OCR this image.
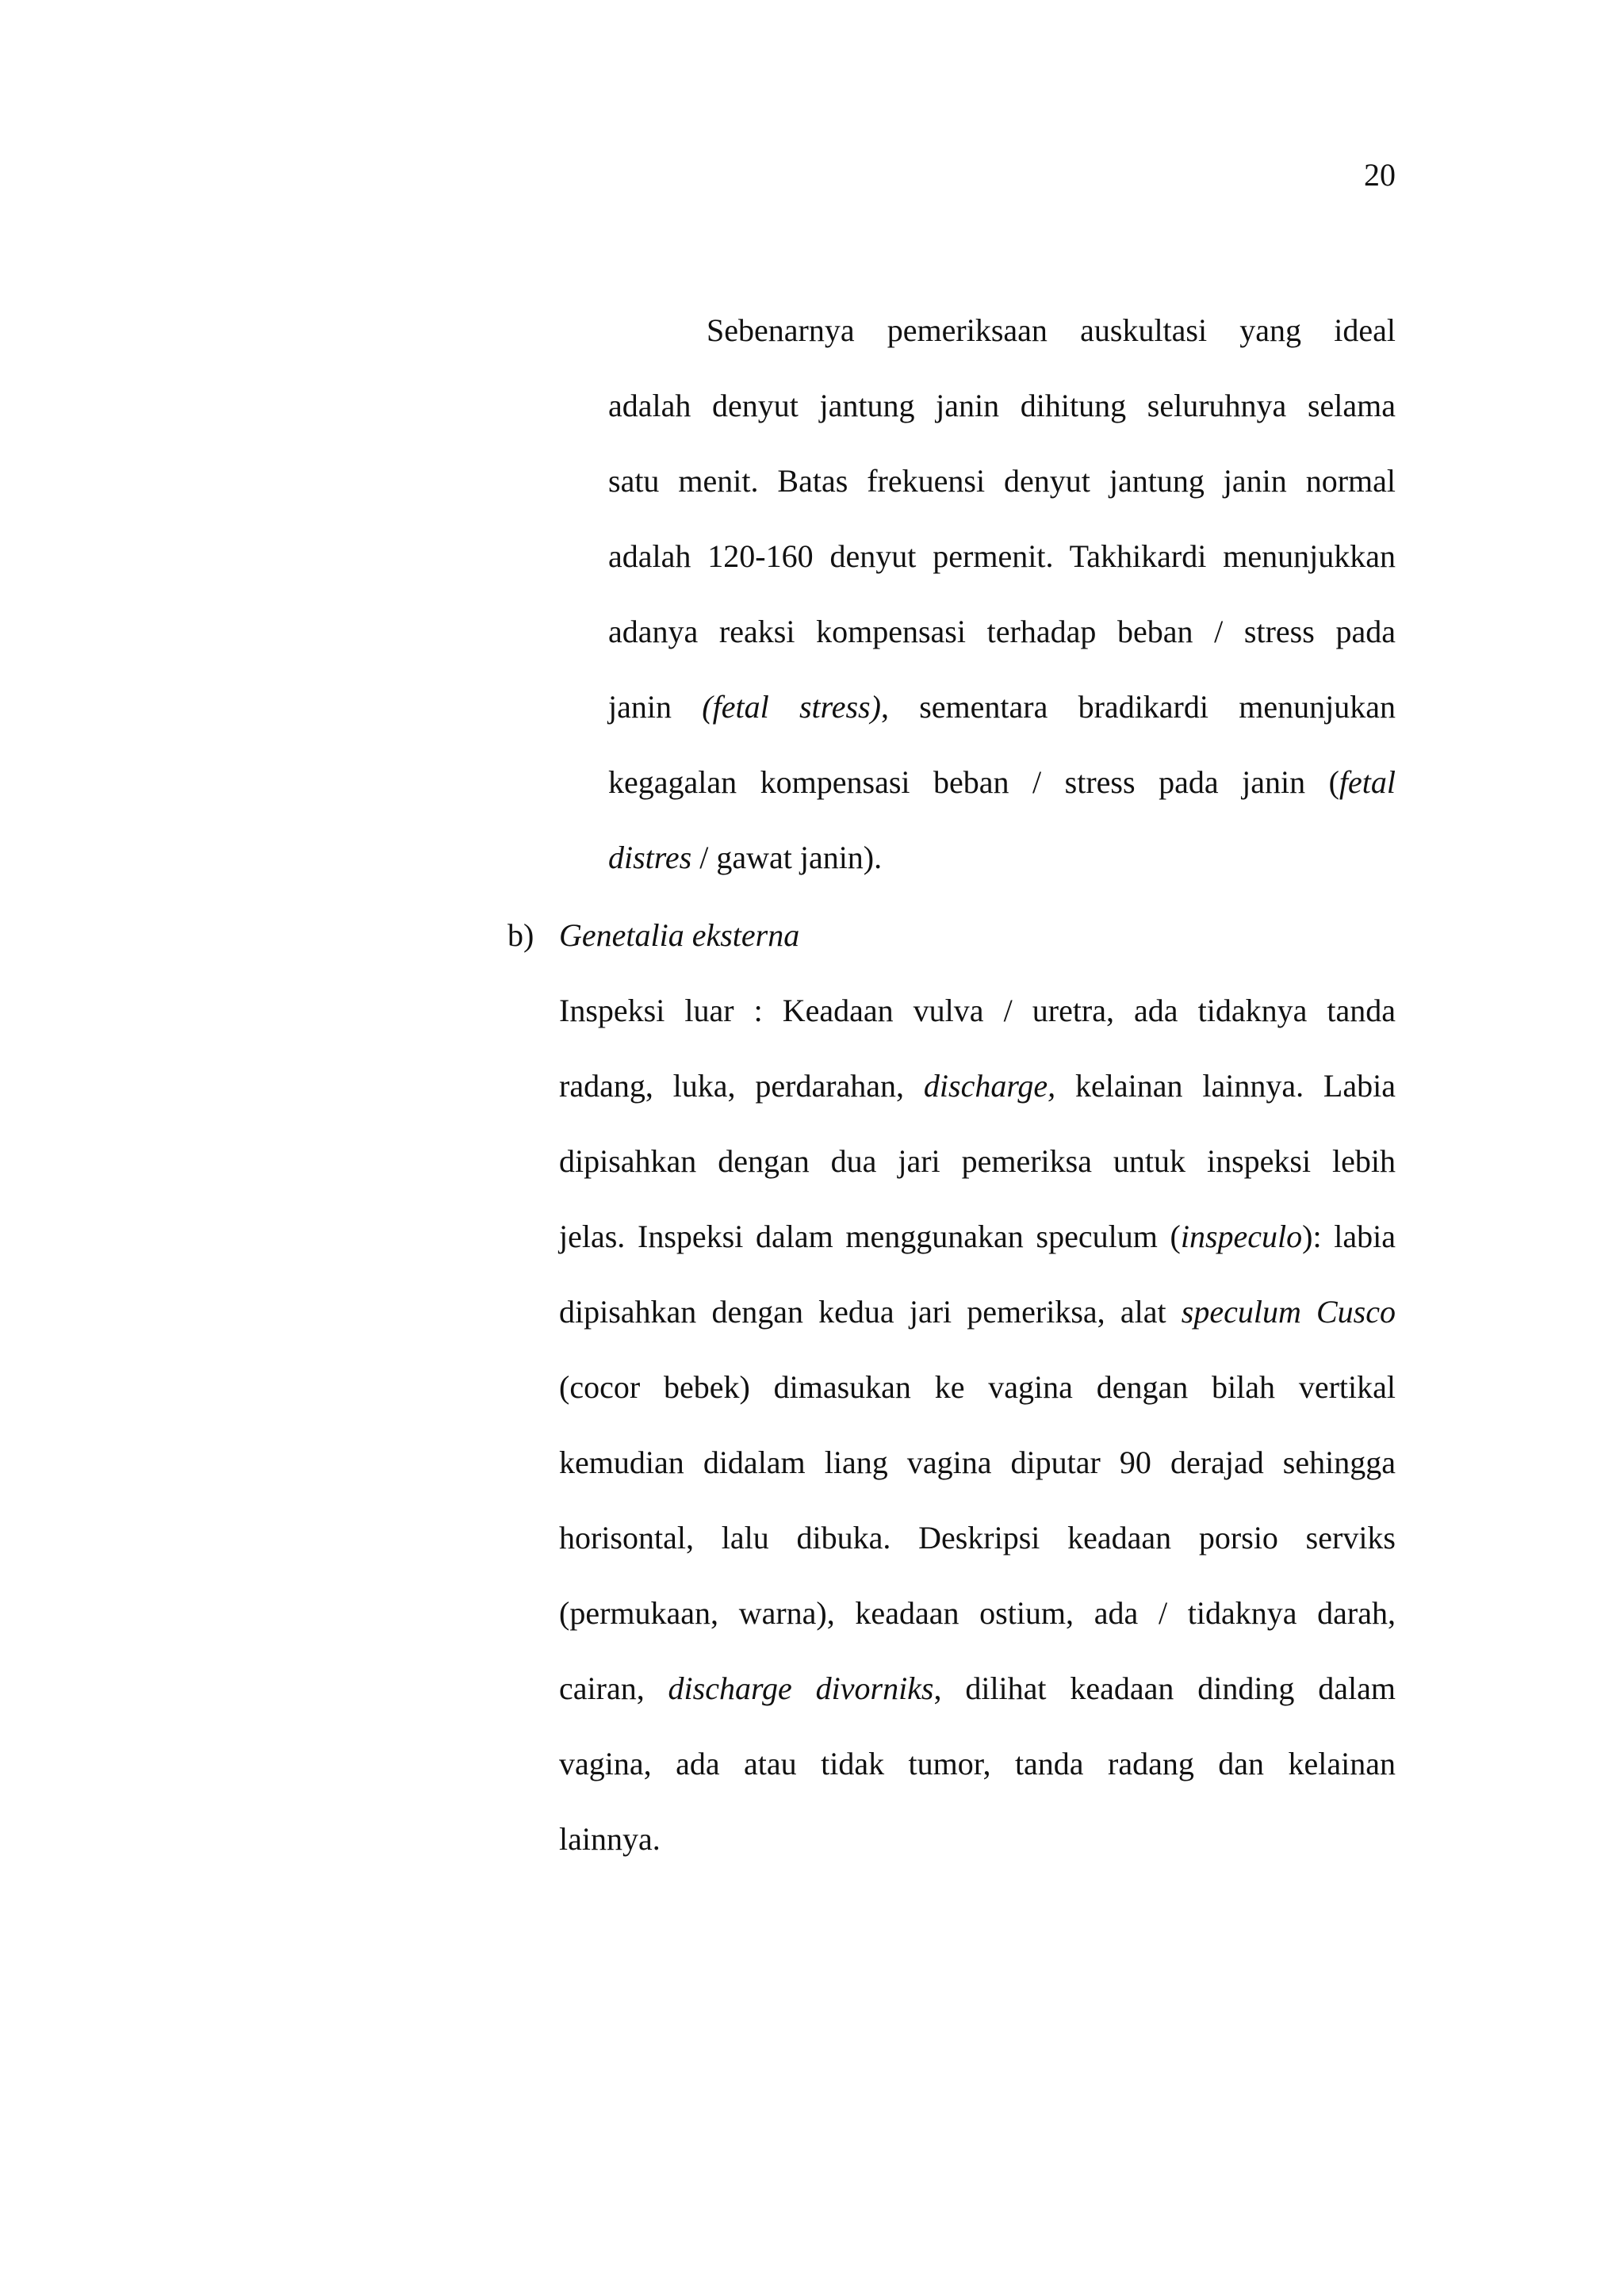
20
Sebenarnya pemeriksaan auskultasi yang ideal
adalah denyut jantung janin dihitung seluruhnya selama
satu menit. Batas frekuensi denyut jantung janin normal
adalah 120-160 denyut permenit. Takhikardi menunjukkan
adanya reaksi kompensasi terhadap beban / stress pada
janin (fetal stress), sementara bradikardi menunjukan
kegagalan kompensasi beban / stress pada janin (fetal
distres / gawat janin).
b) Genetalia eksterna
Inspeksi luar : Keadaan vulva / uretra, ada tidaknya tanda
radang, luka, perdarahan, discharge, kelainan lainnya. Labia
dipisahkan dengan dua jari pemeriksa untuk inspeksi lebih
jelas. Inspeksi dalam menggunakan speculum (inspeculo): labia
dipisahkan dengan kedua jari pemeriksa, alat speculum Cusco
(cocor bebek) dimasukan ke vagina dengan bilah vertikal
kemudian didalam liang vagina diputar 90 derajad sehingga
horisontal, lalu dibuka. Deskripsi keadaan porsio serviks
(permukaan, warna), keadaan ostium, ada / tidaknya darah,
cairan, discharge divorniks, dilihat keadaan dinding dalam
vagina, ada atau tidak tumor, tanda radang dan kelainan
lainnya.
